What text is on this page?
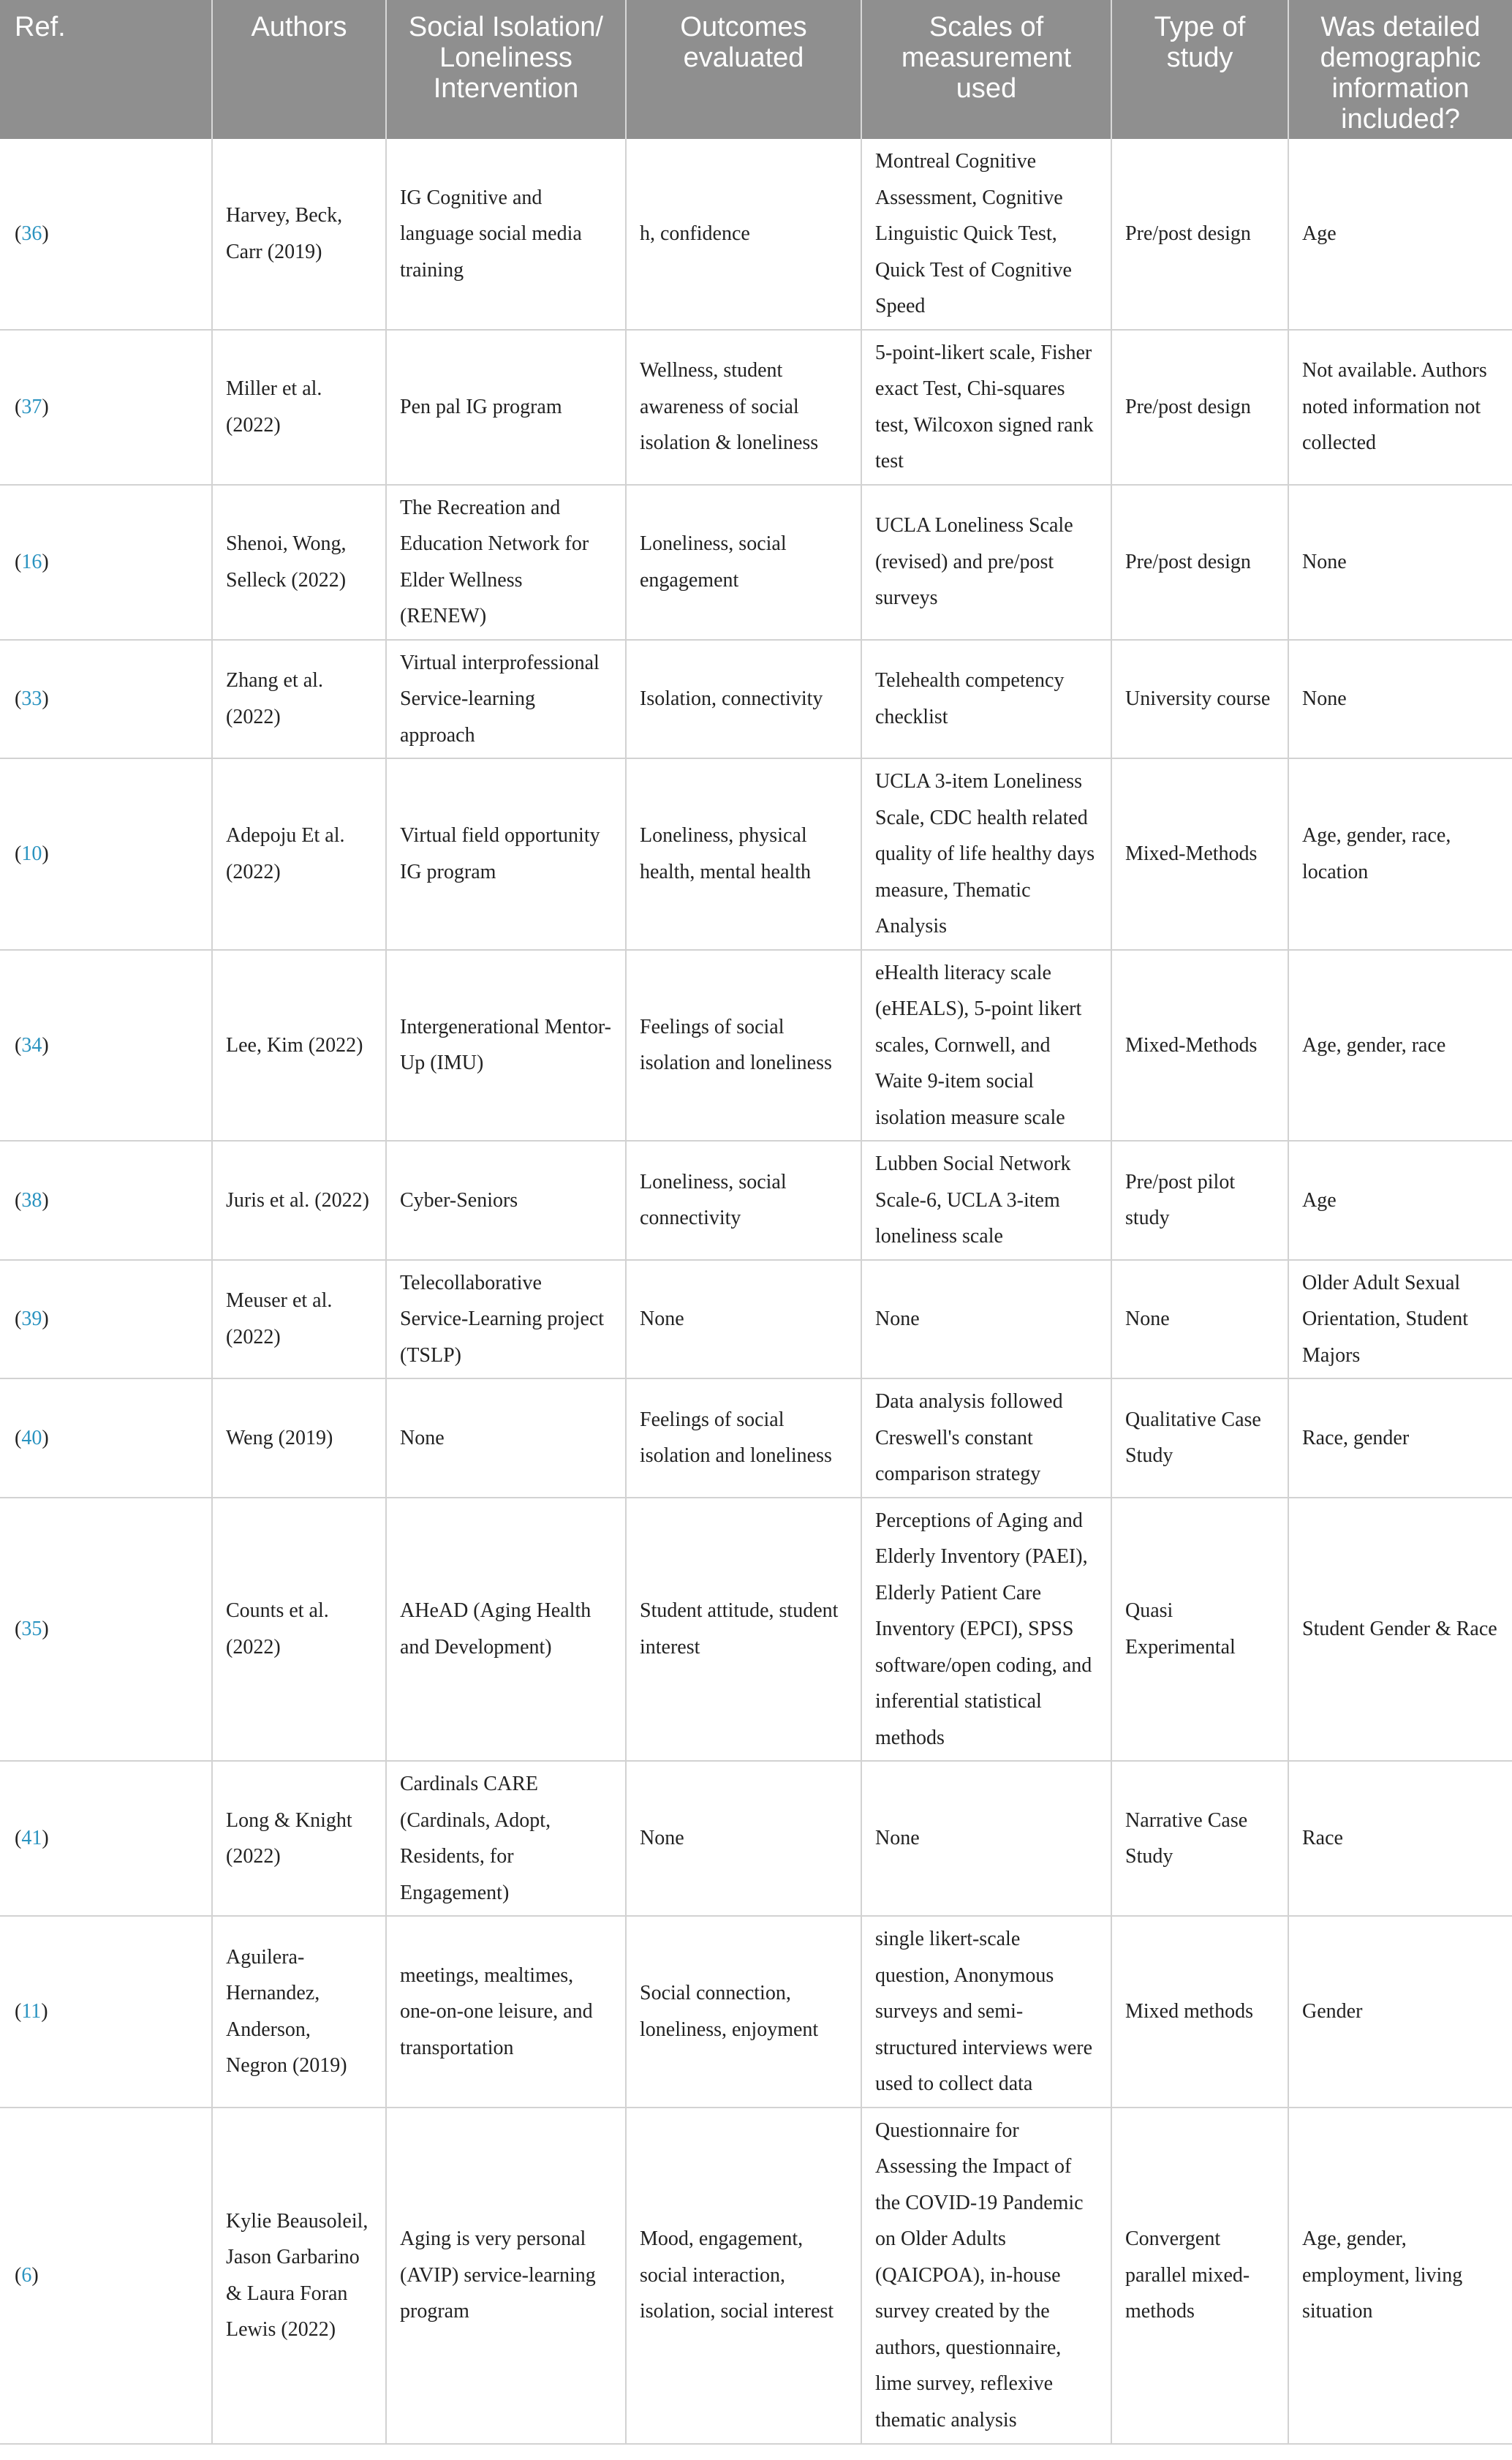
Ref.	Authors	Social Isolation/ Loneliness Intervention	Outcomes evaluated	Scales of measurement used	Type of study	Was detailed demographic information included?
(36)	Harvey, Beck, Carr (2019)	IG Cognitive and language social media training	h, confidence	Montreal Cognitive Assessment, Cognitive Linguistic Quick Test, Quick Test of Cognitive Speed	Pre/post design	Age
(37)	Miller et al. (2022)	Pen pal IG program	Wellness, student awareness of social isolation & loneliness	5-point-likert scale, Fisher exact Test, Chi-squares test, Wilcoxon signed rank test	Pre/post design	Not available. Authors noted information not collected
(16)	Shenoi, Wong, Selleck (2022)	The Recreation and Education Network for Elder Wellness (RENEW)	Loneliness, social engagement	UCLA Loneliness Scale (revised) and pre/post surveys	Pre/post design	None
(33)	Zhang et al. (2022)	Virtual interprofessional Service-learning approach	Isolation, connectivity	Telehealth competency checklist	University course	None
(10)	Adepoju Et al. (2022)	Virtual field opportunity IG program	Loneliness, physical health, mental health	UCLA 3-item Loneliness Scale, CDC health related quality of life healthy days measure, Thematic Analysis	Mixed-Methods	Age, gender, race, location
(34)	Lee, Kim (2022)	Intergenerational Mentor-Up (IMU)	Feelings of social isolation and loneliness	eHealth literacy scale (eHEALS), 5-point likert scales, Cornwell, and Waite 9-item social isolation measure scale	Mixed-Methods	Age, gender, race
(38)	Juris et al. (2022)	Cyber-Seniors	Loneliness, social connectivity	Lubben Social Network Scale-6, UCLA 3-item loneliness scale	Pre/post pilot study	Age
(39)	Meuser et al. (2022)	Telecollaborative Service-Learning project (TSLP)	None	None	None	Older Adult Sexual Orientation, Student Majors
(40)	Weng (2019)	None	Feelings of social isolation and loneliness	Data analysis followed Creswell's constant comparison strategy	Qualitative Case Study	Race, gender
(35)	Counts et al. (2022)	AHeAD (Aging Health and Development)	Student attitude, student interest	Perceptions of Aging and Elderly Inventory (PAEI), Elderly Patient Care Inventory (EPCI), SPSS software/open coding, and inferential statistical methods	Quasi Experimental	Student Gender & Race
(41)	Long & Knight (2022)	Cardinals CARE (Cardinals, Adopt, Residents, for Engagement)	None	None	Narrative Case Study	Race
(11)	Aguilera-Hernandez, Anderson, Negron (2019)	meetings, mealtimes, one-on-one leisure, and transportation	Social connection, loneliness, enjoyment	single likert-scale question, Anonymous surveys and semi-structured interviews were used to collect data	Mixed methods	Gender
(6)	Kylie Beausoleil, Jason Garbarino & Laura Foran Lewis (2022)	Aging is very personal (AVIP) service-learning program	Mood, engagement, social interaction, isolation, social interest	Questionnaire for Assessing the Impact of the COVID-19 Pandemic on Older Adults (QAICPOA), in-house survey created by the authors, questionnaire, lime survey, reflexive thematic analysis	Convergent parallel mixed-methods	Age, gender, employment, living situation
